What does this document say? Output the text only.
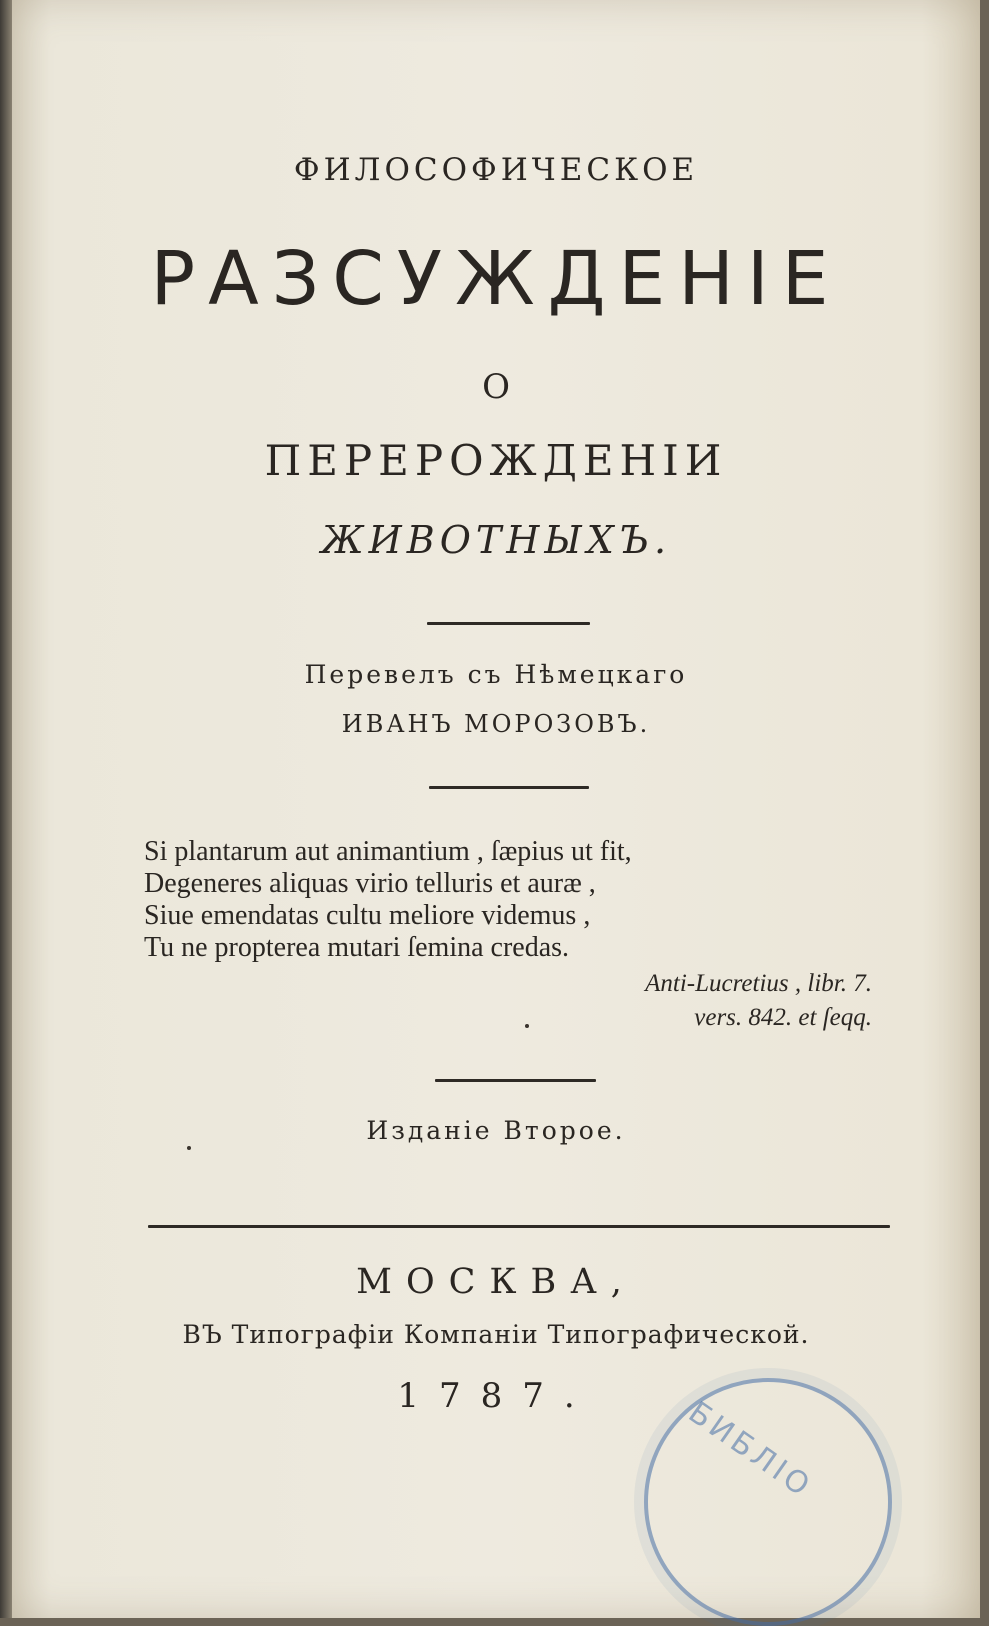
ФИЛОСОФИЧЕСКОЕ
РАЗСУЖДЕНІЕ
О
ПЕРЕРОЖДЕНІИ
ЖИВОТНЫХЪ.
Перевелъ съ Нѣмецкаго
ИВАНЪ МОРОЗОВЪ.
Si plantarum aut animantium , ſæpius ut fit,
Degeneres aliquas virio telluris et auræ ,
Siue emendatas cultu meliore videmus ,
Tu ne propterea mutari ſemina credas.
Anti-Lucretius , libr. 7.
vers. 842. et ſeqq.
Изданіе Второе.
МОСКВА,
ВЪ Типографіи Компаніи Типографической.
1787.	БИБЛІО
